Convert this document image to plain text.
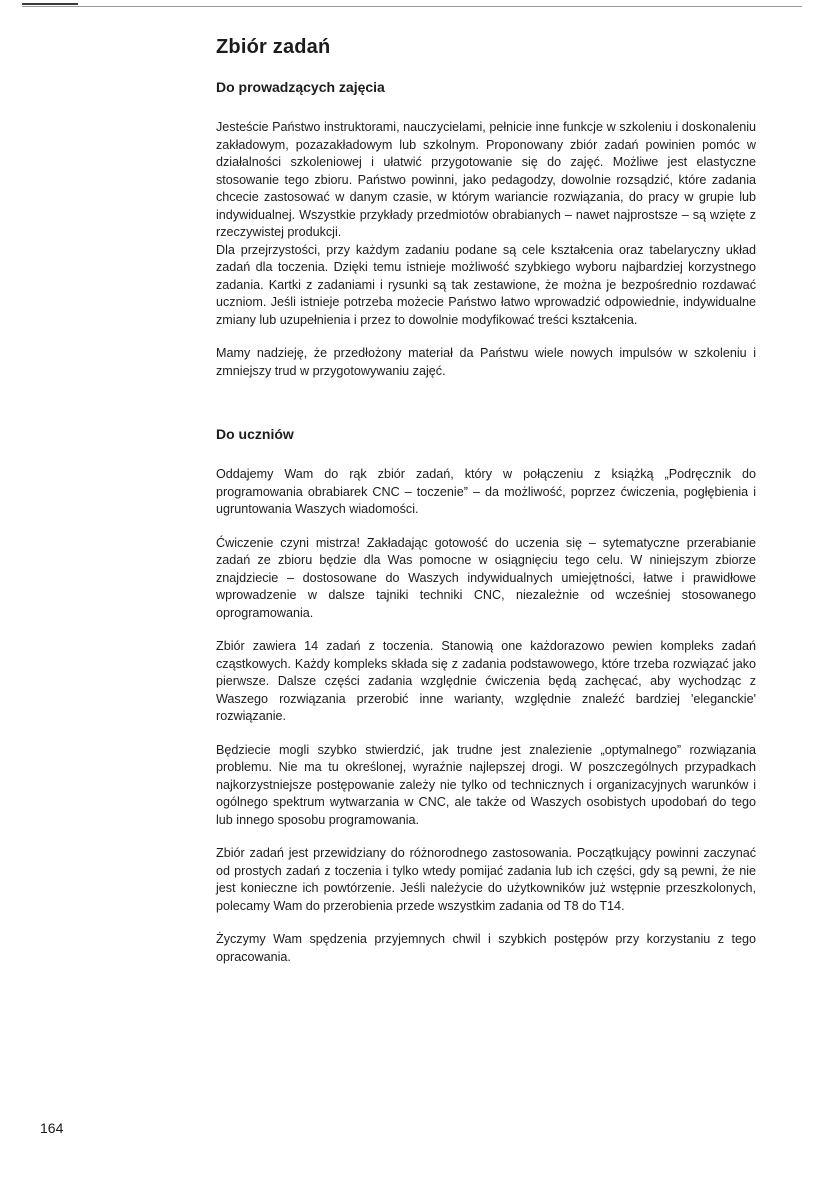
Zbiór zadań
Do prowadzących zajęcia

Jesteście Państwo instruktorami, nauczycielami, pełnicie inne funkcje w szkoleniu i doskonaleniu zakładowym, pozazakładowym lub szkolnym. Proponowany zbiór zadań powinien pomóc w działalności szkoleniowej i ułatwić przygotowanie się do zajęć. Możliwe jest elastyczne stosowanie tego zbioru. Państwo powinni, jako pedagodzy, dowolnie rozsądzić, które zadania chcecie zastosować w danym czasie, w którym wariancie rozwiązania, do pracy w grupie lub indywidualnej. Wszystkie przykłady przedmiotów obrabianych – nawet najprostsze – są wzięte z rzeczywistej produkcji.

Dla przejrzystości, przy każdym zadaniu podane są cele kształcenia oraz tabelaryczny układ zadań dla toczenia. Dzięki temu istnieje możliwość szybkiego wyboru najbardziej korzystnego zadania. Kartki z zadaniami i rysunki są tak zestawione, że można je bezpośrednio rozdawać uczniom. Jeśli istnieje potrzeba możecie Państwo łatwo wprowadzić odpowiednie, indywidualne zmiany lub uzupełnienia i przez to dowolnie modyfikować treści kształcenia.

Mamy nadzieję, że przedłożony materiał da Państwu wiele nowych impulsów w szkoleniu i zmniejszy trud w przygotowywaniu zajęć.

Do uczniów

Oddajemy Wam do rąk zbiór zadań, który w połączeniu z książką „Podręcznik do programowania obrabiarek CNC – toczenie” – da możliwość, poprzez ćwiczenia, pogłębienia i ugruntowania Waszych wiadomości.

Ćwiczenie czyni mistrza! Zakładając gotowość do uczenia się – sytematyczne przerabianie zadań ze zbioru będzie dla Was pomocne w osiągnięciu tego celu. W niniejszym zbiorze znajdziecie – dostosowane do Waszych indywidualnych umiejętności, łatwe i prawidłowe wprowadzenie w dalsze tajniki techniki CNC, niezależnie od wcześniej stosowanego oprogramowania.

Zbiór zawiera 14 zadań z toczenia. Stanowią one każdorazowo pewien kompleks zadań cząstkowych. Każdy kompleks składa się z zadania podstawowego, które trzeba rozwiązać jako pierwsze. Dalsze części zadania względnie ćwiczenia będą zachęcać, aby wychodząc z Waszego rozwiązania przerobić inne warianty, względnie znaleźć bardziej 'eleganckie' rozwiązanie.

Będziecie mogli szybko stwierdzić, jak trudne jest znalezienie „optymalnego” rozwiązania problemu. Nie ma tu określonej, wyraźnie najlepszej drogi. W poszczególnych przypadkach najkorzystniejsze postępowanie zależy nie tylko od technicznych i organizacyjnych warunków i ogólnego spektrum wytwarzania w CNC, ale także od Waszych osobistych upodobań do tego lub innego sposobu programowania.

Zbiór zadań jest przewidziany do różnorodnego zastosowania. Początkujący powinni zaczynać od prostych zadań z toczenia i tylko wtedy pomijać zadania lub ich części, gdy są pewni, że nie jest konieczne ich powtórzenie. Jeśli należycie do użytkowników już wstępnie przeszkolonych, polecamy Wam do przerobienia przede wszystkim zadania od T8 do T14.

Życzymy Wam spędzenia przyjemnych chwil i szybkich postępów przy korzystaniu z tego opracowania.

164
